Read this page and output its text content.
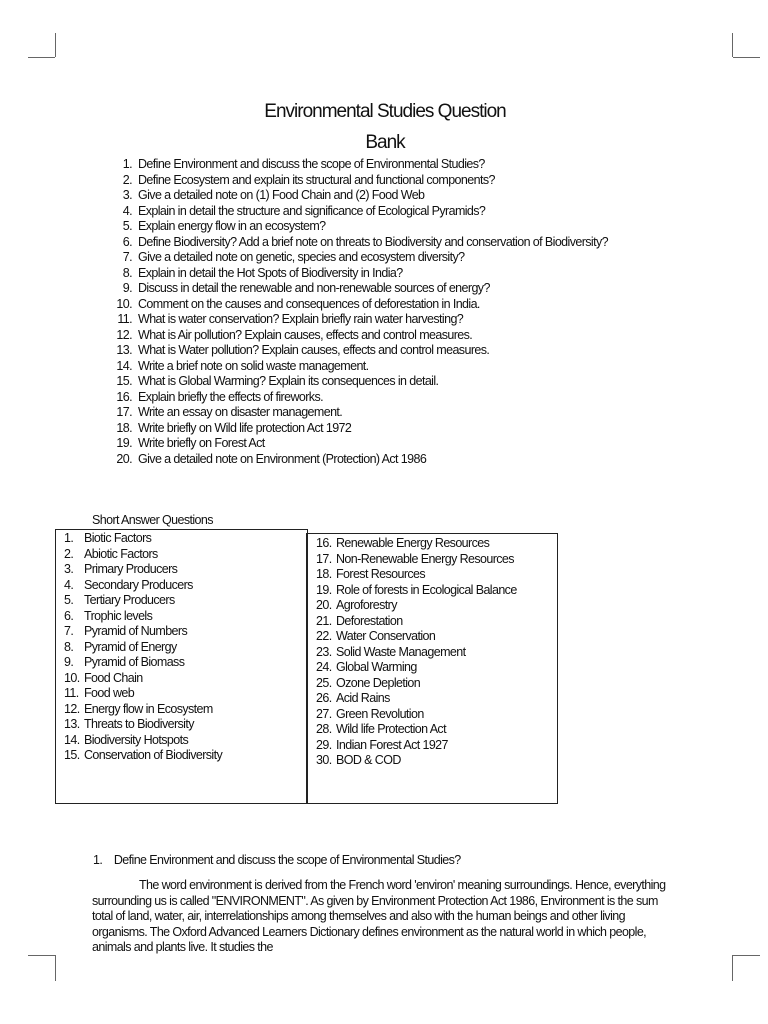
Environmental Studies Question
Bank
1. Define Environment and discuss the scope of Environmental Studies?
2. Define Ecosystem and explain its structural and functional components?
3. Give a detailed note on (1) Food Chain and (2) Food Web
4. Explain in detail the structure and significance of Ecological Pyramids?
5. Explain energy flow in an ecosystem?
6. Define Biodiversity? Add a brief note on threats to Biodiversity and conservation of Biodiversity?
7. Give a detailed note on genetic, species and ecosystem diversity?
8. Explain in detail the Hot Spots of Biodiversity in India?
9. Discuss in detail the renewable and non-renewable sources of energy?
10. Comment on the causes and consequences of deforestation in India.
11. What is water conservation? Explain briefly rain water harvesting?
12. What is Air pollution? Explain causes, effects and control measures.
13. What is Water pollution? Explain causes, effects and control measures.
14. Write a brief note on solid waste management.
15. What is Global Warming? Explain its consequences in detail.
16. Explain briefly the effects of fireworks.
17. Write an essay on disaster management.
18. Write briefly on Wild life protection Act 1972
19. Write briefly on Forest Act
20. Give a detailed note on Environment (Protection) Act 1986
Short Answer Questions
1. Biotic Factors
2. Abiotic Factors
3. Primary Producers
4. Secondary Producers
5. Tertiary Producers
6. Trophic levels
7. Pyramid of Numbers
8. Pyramid of Energy
9. Pyramid of Biomass
10. Food Chain
11. Food web
12. Energy flow in Ecosystem
13. Threats to Biodiversity
14. Biodiversity Hotspots
15. Conservation of Biodiversity
16. Renewable Energy Resources
17. Non-Renewable Energy Resources
18. Forest Resources
19. Role of forests in Ecological Balance
20. Agroforestry
21. Deforestation
22. Water Conservation
23. Solid Waste Management
24. Global Warming
25. Ozone Depletion
26. Acid Rains
27. Green Revolution
28. Wild life Protection Act
29. Indian Forest Act 1927
30. BOD & COD
1. Define Environment and discuss the scope of Environmental Studies?

The word environment is derived from the French word 'environ' meaning surroundings. Hence, everything surrounding us is called "ENVIRONMENT". As given by Environment Protection Act 1986, Environment is the sum total of land, water, air, interrelationships among themselves and also with the human beings and other living organisms. The Oxford Advanced Learners Dictionary defines environment as the natural world in which people, animals and plants live. It studies the
